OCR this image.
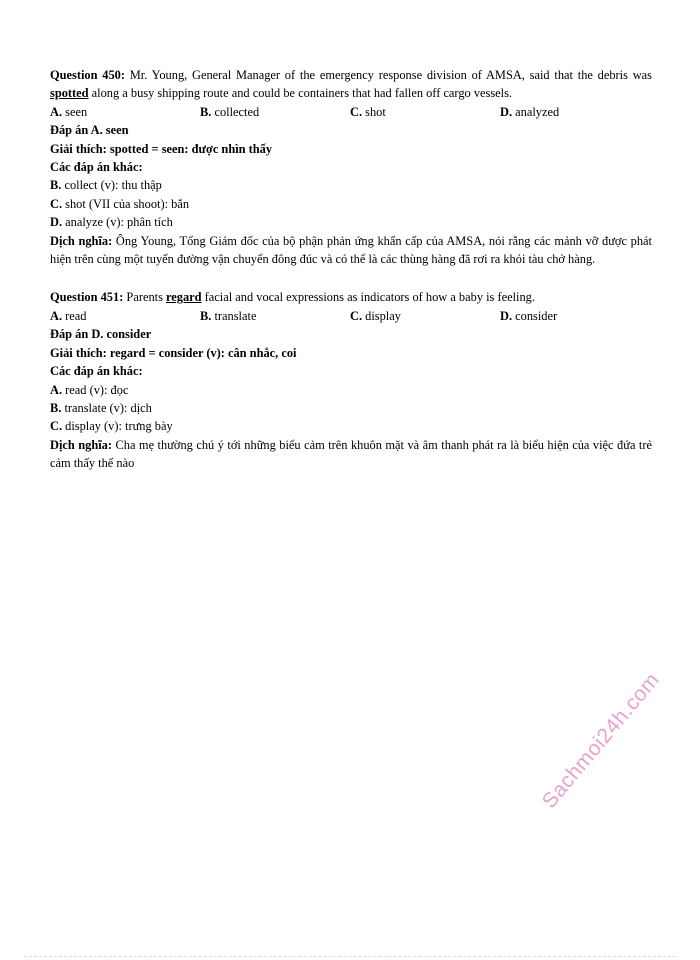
Question 450: Mr. Young, General Manager of the emergency response division of AMSA, said that the debris was spotted along a busy shipping route and could be containers that had fallen off cargo vessels.

A. seen	B. collected	C. shot	D. analyzed

Đáp án A. seen

Giải thích: spotted = seen: được nhìn thấy

Các đáp án khác:

B. collect (v): thu thập

C. shot (VII của shoot): bắn

D. analyze (v): phân tích

Dịch nghĩa: Ông Young, Tổng Giám đốc của bộ phận phản ứng khẩn cấp của AMSA, nói rằng các mảnh vỡ được phát hiện trên cùng một tuyến đường vận chuyển đông đúc và có thể là các thùng hàng đã rơi ra khỏi tàu chở hàng.

Question 451: Parents regard facial and vocal expressions as indicators of how a baby is feeling.

A. read	B. translate	C. display	D. consider

Đáp án D. consider

Giải thích: regard = consider (v): cân nhắc, coi

Các đáp án khác:

A. read (v): đọc

B. translate (v): dịch

C. display (v): trưng bày

Dịch nghĩa: Cha mẹ thường chú ý tới những biểu cảm trên khuôn mặt và âm thanh phát ra là biểu hiện của việc đứa trẻ cảm thấy thế nào

Sachmoi24h.com
